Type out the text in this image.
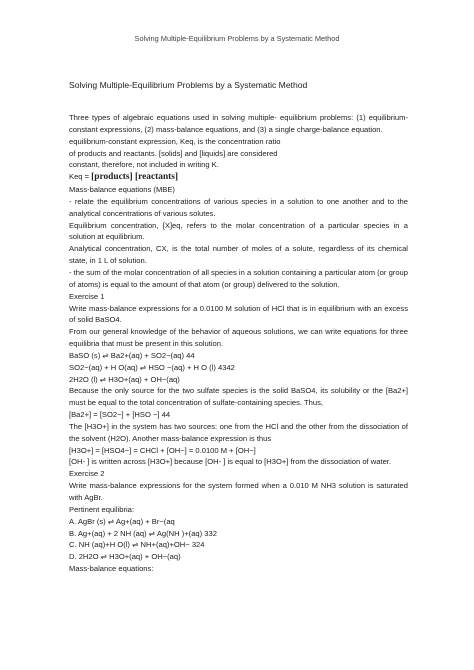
Solving Multiple-Equilibrium Problems by a Systematic Method
Solving Multiple-Equilibrium Problems by a Systematic Method

Three types of algebraic equations used in solving multiple- equilibrium problems: (1) equilibrium-constant expressions, (2) mass-balance equations, and (3) a single charge-balance equation.

equilibrium-constant expression, Keq, is the concentration ratio

of products and reactants. [solids] and [liquids] are considered

constant, therefore, not included in writing K.

Keq = [products] [reactants]

Mass-balance equations (MBE)

- relate the equilibrium concentrations of various species in a solution to one another and to the analytical concentrations of various solutes.

Equilibrium concentration, [X]eq, refers to the molar concentration of a particular species in a solution at equilibrium.

Analytical concentration, CX, is the total number of moles of a solute, regardless of its chemical state, in 1 L of solution.

- the sum of the molar concentration of all species in a solution containing a particular atom (or group of atoms) is equal to the amount of that atom (or group) delivered to the solution.

Exercise 1

Write mass-balance expressions for a 0.0100 M solution of HCl that is in equilibrium with an excess of solid BaSO4.

From our general knowledge of the behavior of aqueous solutions, we can write equations for three equilibria that must be present in this solution.

BaSO (s) ⇌ Ba2+(aq) + SO2−(aq) 44

SO2−(aq) + H O(aq) ⇌ HSO −(aq) + H O (l) 4342

2H2O (l) ⇌ H3O+(aq) + OH−(aq)

Because the only source for the two sulfate species is the solid BaSO4, its solubility or the [Ba2+] must be equal to the total concentration of sulfate-containing species. Thus,

[Ba2+] = [SO2−] + [HSO −] 44

The [H3O+] in the system has two sources: one from the HCl and the other from the dissociation of the solvent (H2O). Another mass-balance expression is thus

[H3O+] = [HSO4−] = CHCl + [OH−] = 0.0100 M + [OH−]

[OH- ] is written across [H3O+] because [OH- ] is equal to [H3O+] from the dissociation of water.

Exercise 2

Write mass-balance expressions for the system formed when a 0.010 M NH3 solution is saturated with AgBr.

Pertinent equilibria:

A. AgBr (s) ⇌ Ag+(aq) + Br−(aq

B. Ag+(aq) + 2 NH (aq) ⇌ Ag(NH )+(aq) 332

C. NH (aq)+H O(l) ⇌ NH+(aq)+OH− 324

D. 2H2O ⇌ H3O+(aq) + OH−(aq)

Mass-balance equations:
